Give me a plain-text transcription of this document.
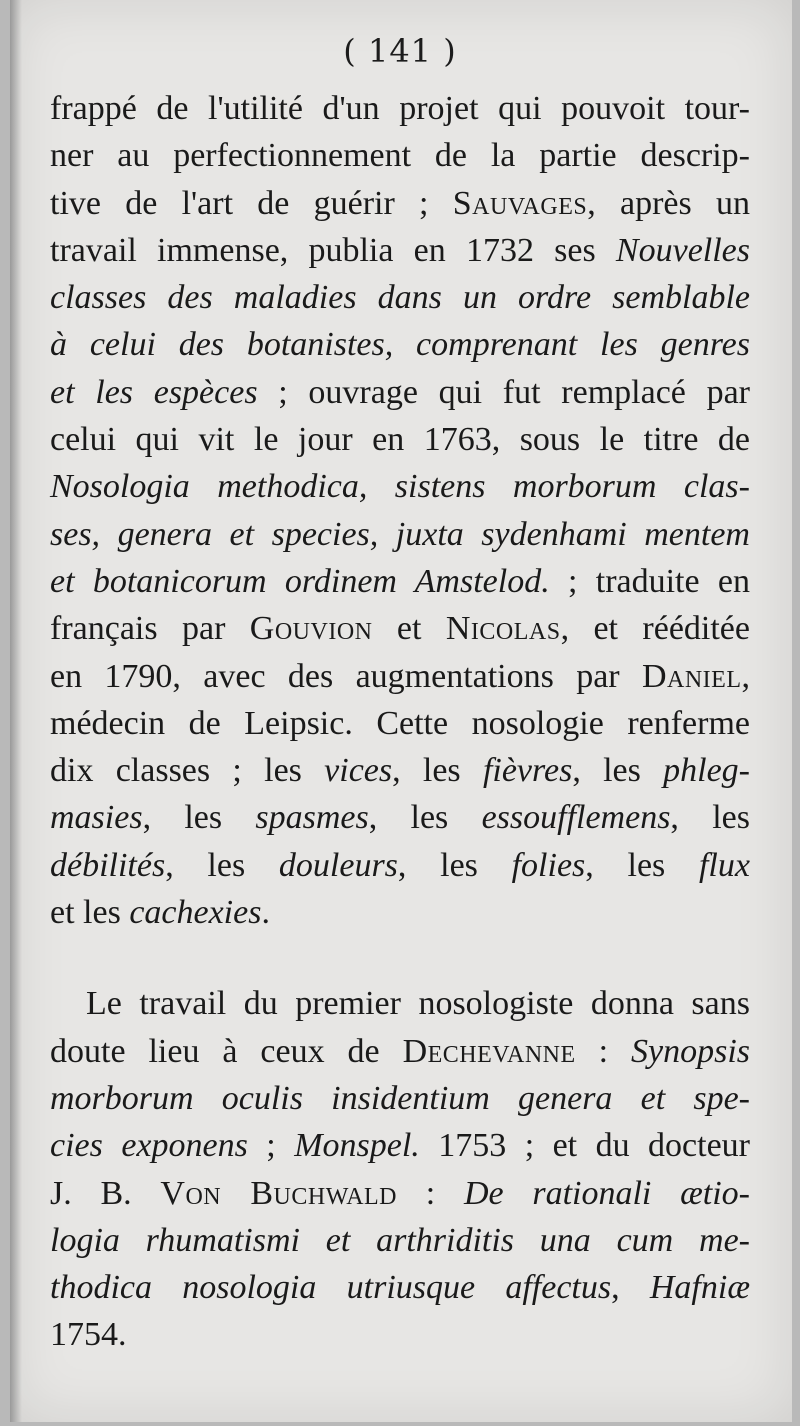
( 141 )
frappé de l'utilité d'un projet qui pouvoit tour-
ner au perfectionnement de la partie descrip-
tive de l'art de guérir ; Sauvages, après un
travail immense, publia en 1732 ses Nouvelles
classes des maladies dans un ordre semblable
à celui des botanistes, comprenant les genres
et les espèces ; ouvrage qui fut remplacé par
celui qui vit le jour en 1763, sous le titre de
Nosologia methodica, sistens morborum clas-
ses, genera et species, juxta sydenhami mentem
et botanicorum ordinem Amstelod. ; traduite en
français par Gouvion et Nicolas, et rééditée
en 1790, avec des augmentations par Daniel,
médecin de Leipsic. Cette nosologie renferme
dix classes ; les vices, les fièvres, les phleg-
masies, les spasmes, les essoufflemens, les
débilités, les douleurs, les folies, les flux
et les cachexies.
Le travail du premier nosologiste donna sans
doute lieu à ceux de Dechevanne : Synopsis
morborum oculis insidentium genera et spe-
cies exponens ; Monspel. 1753 ; et du docteur
J. B. Von Buchwald : De rationali ætio-
logia rhumatismi et arthriditis una cum me-
thodica nosologia utriusque affectus, Hafniæ
1754.
